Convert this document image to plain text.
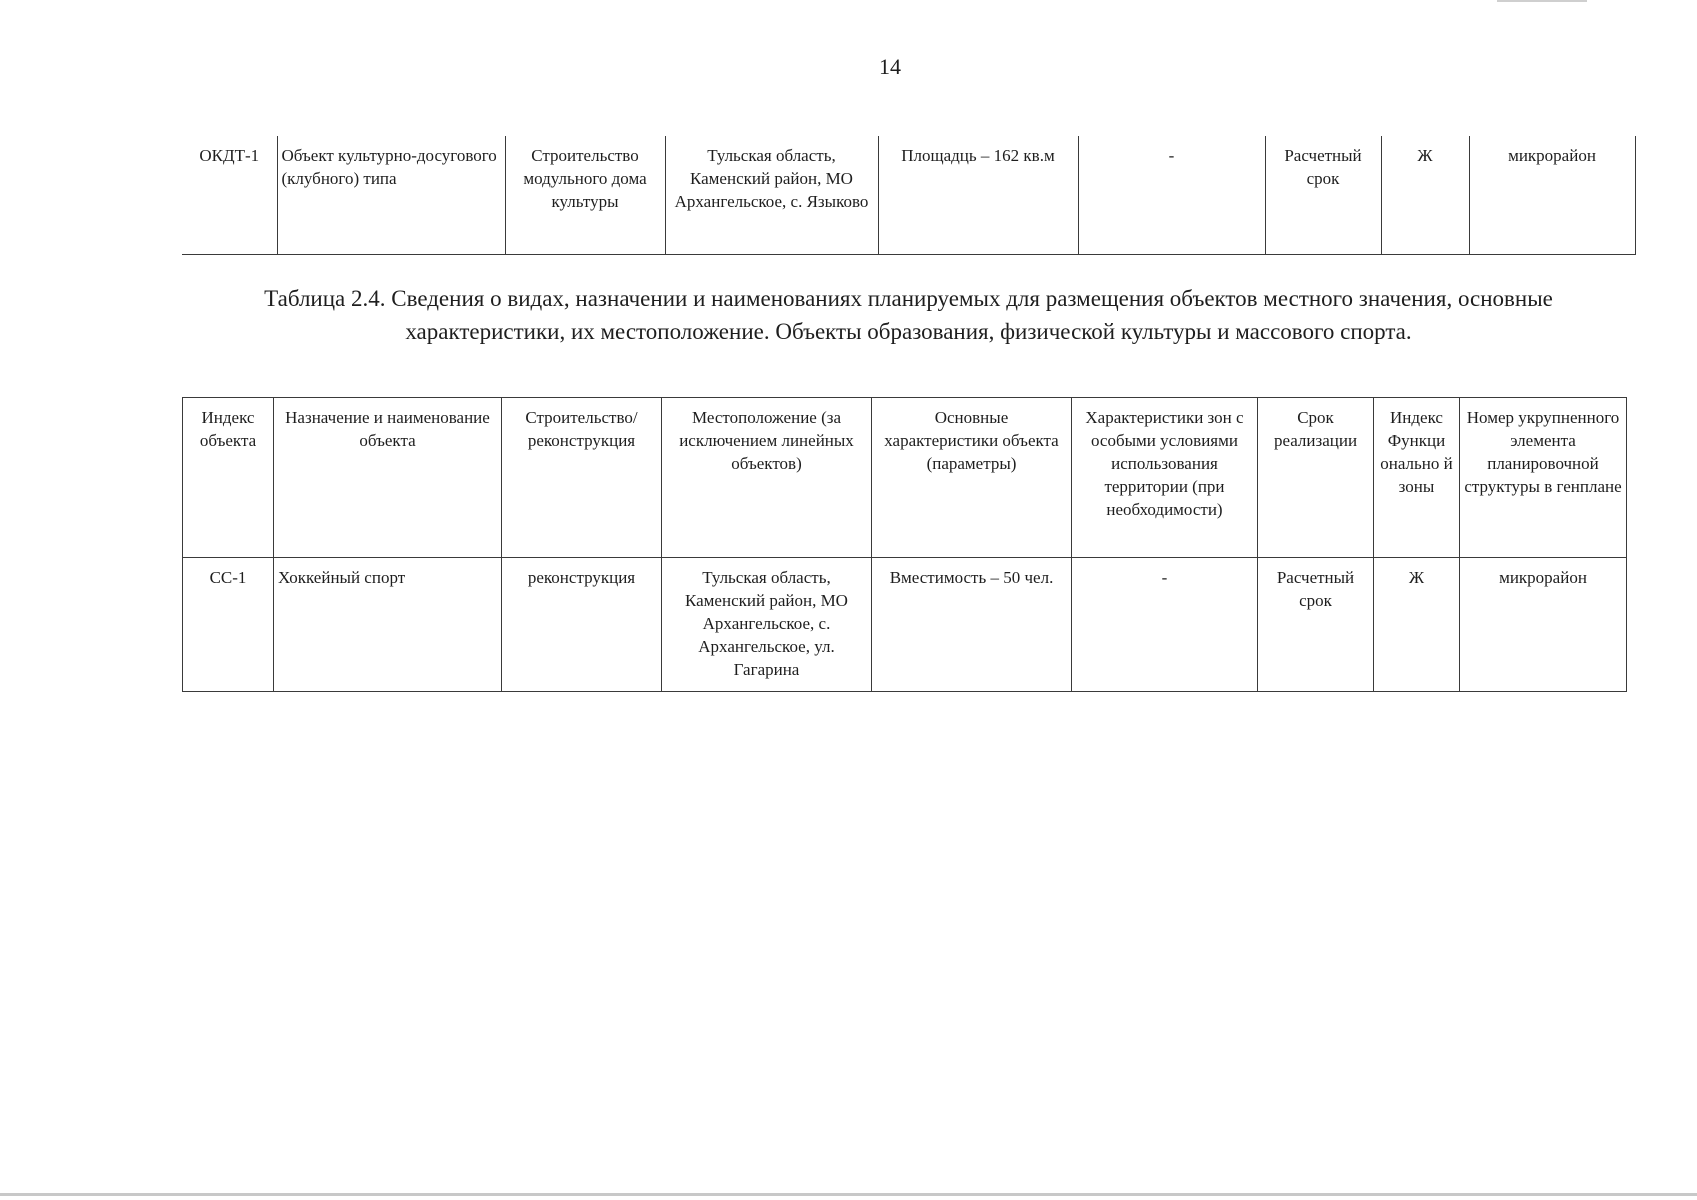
14
ОКДТ-1	Объект культурно-досугового (клубного) типа	Строительство модульного дома культуры	Тульская область, Каменский район, МО Архангельское, с. Языково	Площадць – 162 кв.м	-	Расчетный срок	Ж	микрорайон
Таблица 2.4. Сведения о видах, назначении и наименованиях планируемых для размещения объектов местного значения, основные характеристики, их местоположение. Объекты образования, физической культуры и массового спорта.
Индекс объекта	Назначение и наименование объекта	Строительство/ реконструкция	Местоположение (за исключением линейных объектов)	Основные характеристики объекта (параметры)	Характеристики зон с особыми условиями использования территории (при необходимости)	Срок реализации	Индекс Функци онально й зоны	Номер укрупненного элемента планировочной структуры в генплане
СС-1	Хоккейный спорт	реконструкция	Тульская область, Каменский район, МО Архангельское, с. Архангельское, ул. Гагарина	Вместимость – 50 чел.	-	Расчетный срок	Ж	микрорайон
